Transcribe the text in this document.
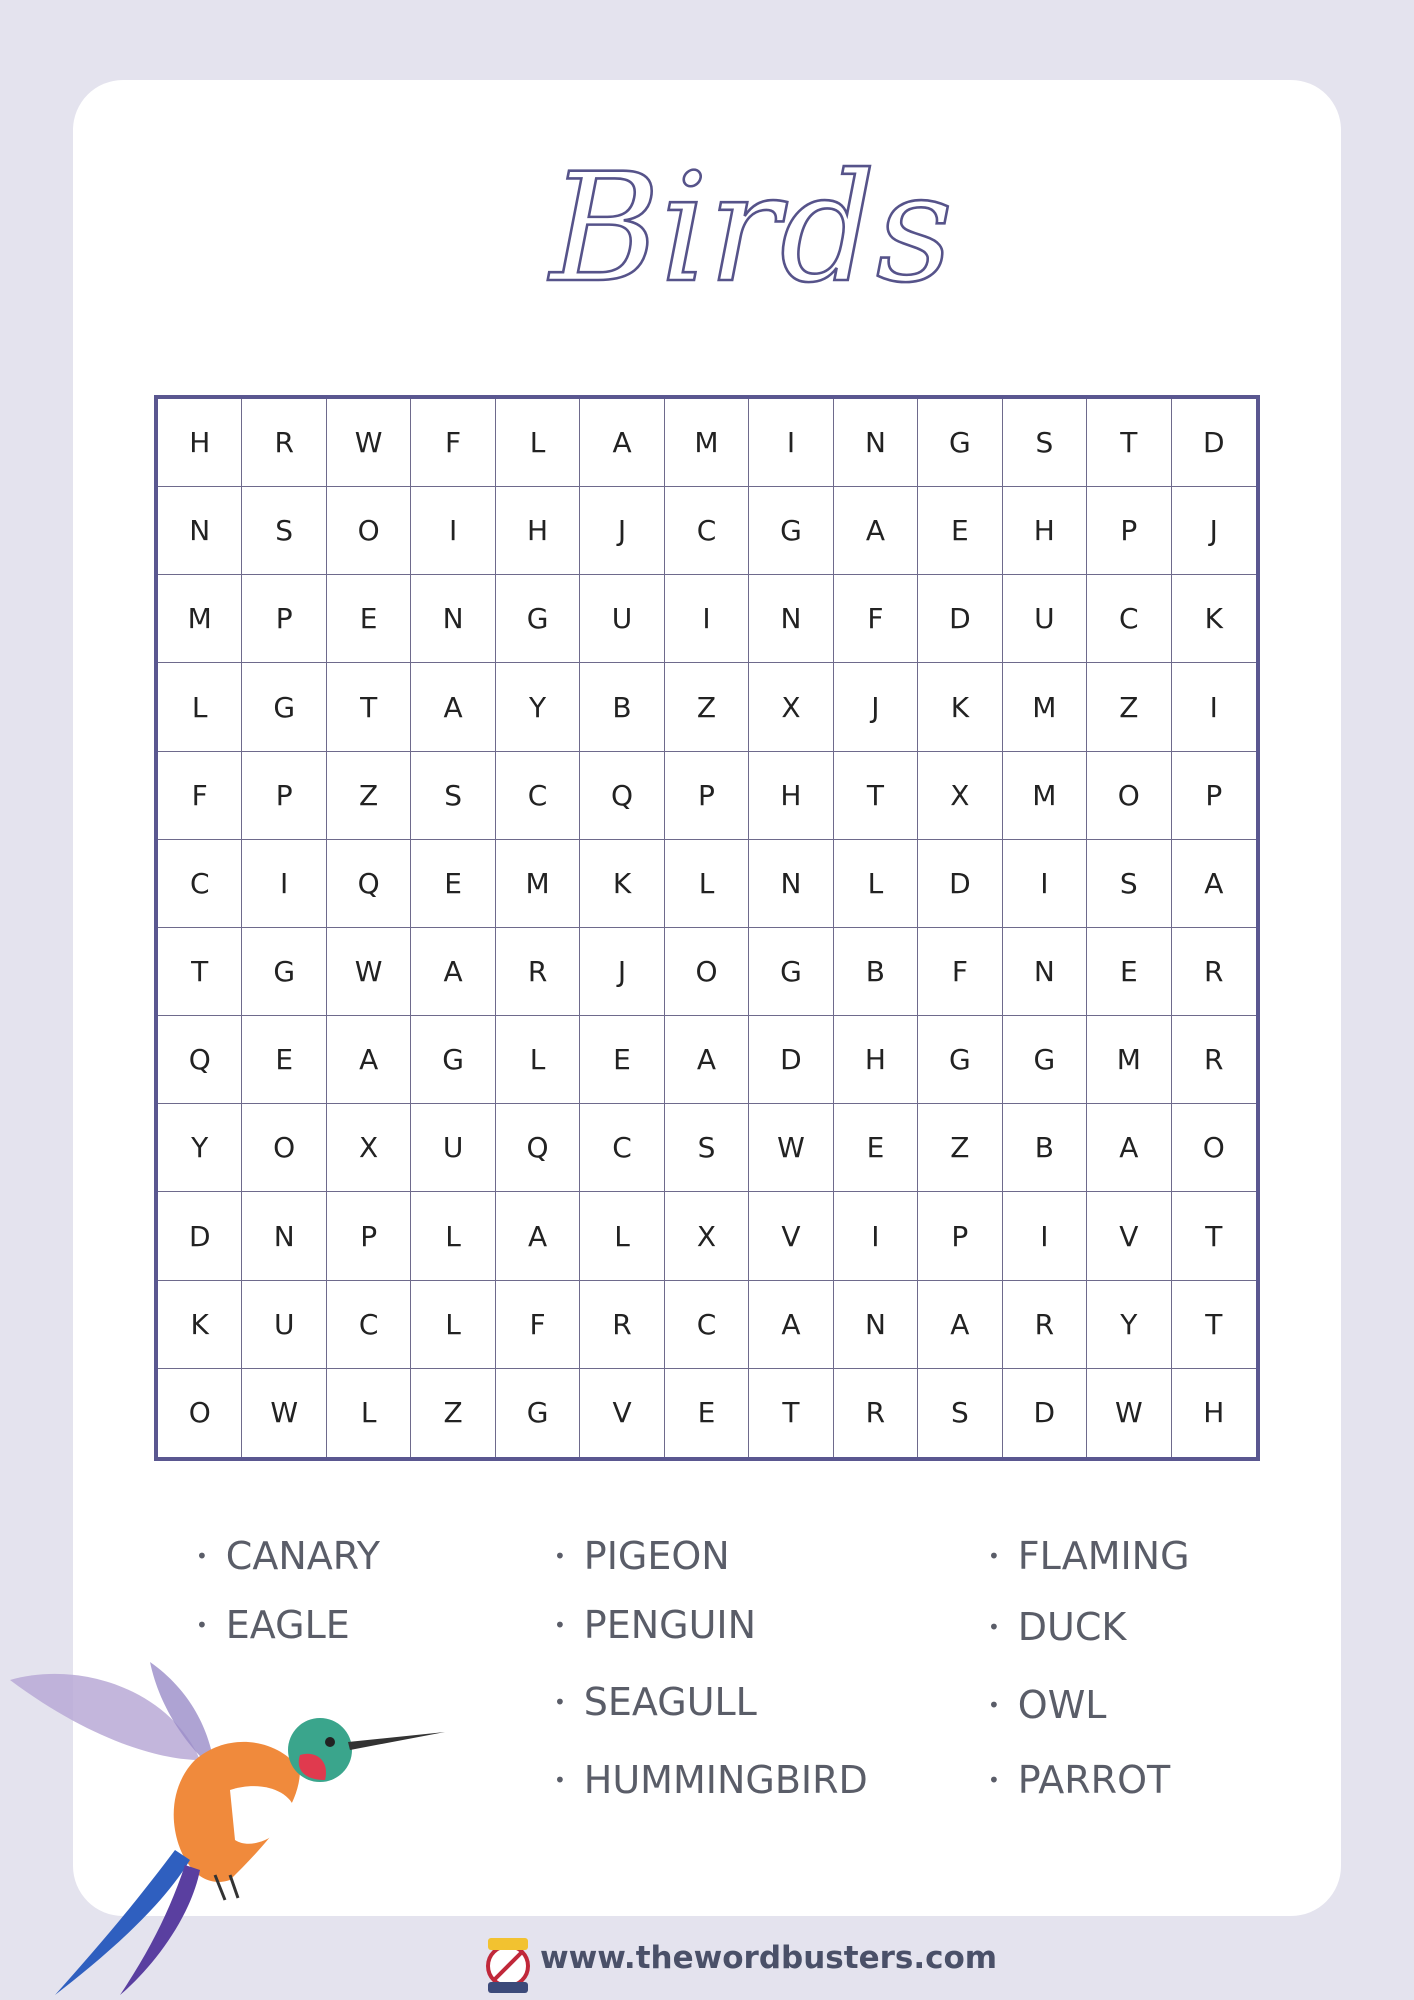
Birds
H	R	W	F	L	A	M	I	N	G	S	T	D
N	S	O	I	H	J	C	G	A	E	H	P	J
M	P	E	N	G	U	I	N	F	D	U	C	K
L	G	T	A	Y	B	Z	X	J	K	M	Z	I
F	P	Z	S	C	Q	P	H	T	X	M	O	P
C	I	Q	E	M	K	L	N	L	D	I	S	A
T	G	W	A	R	J	O	G	B	F	N	E	R
Q	E	A	G	L	E	A	D	H	G	G	M	R
Y	O	X	U	Q	C	S	W	E	Z	B	A	O
D	N	P	L	A	L	X	V	I	P	I	V	T
K	U	C	L	F	R	C	A	N	A	R	Y	T
O	W	L	Z	G	V	E	T	R	S	D	W	H
• CANARY
• EAGLE
• PIGEON
• PENGUIN
• SEAGULL
• HUMMINGBIRD
• FLAMING
• DUCK
• OWL
• PARROT
www.thewordbusters.com
